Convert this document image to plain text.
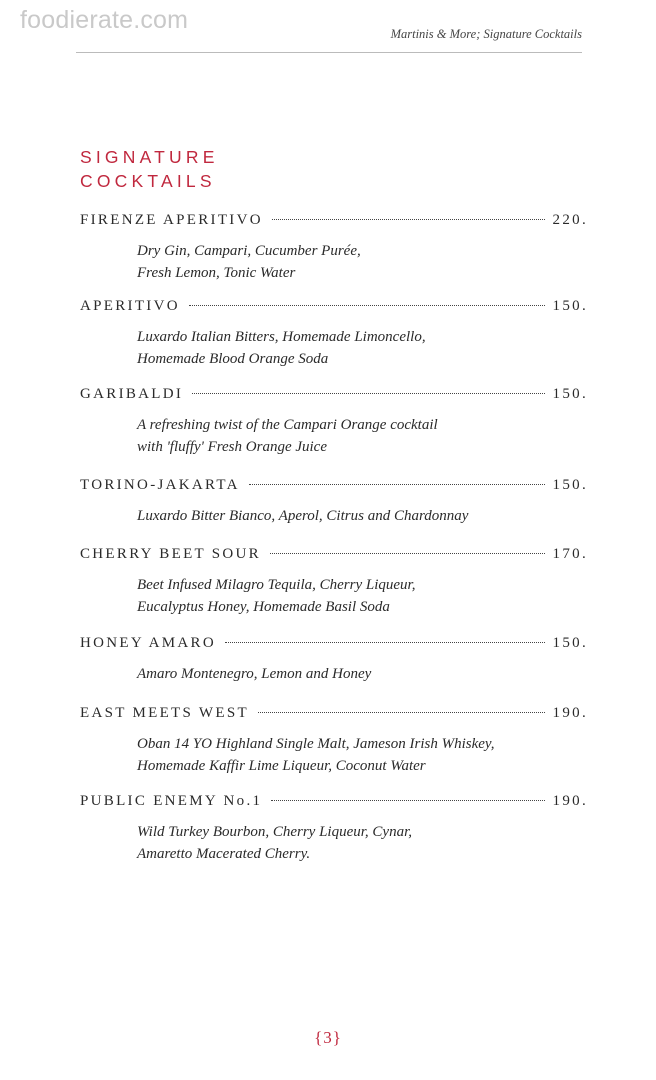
foodierate.com	Martinis & More; Signature Cocktails
SIGNATURE
COCKTAILS
FIRENZE APERITIVO	220.
Dry Gin, Campari, Cucumber Purée,
Fresh Lemon, Tonic Water
APERITIVO	150.
Luxardo Italian Bitters, Homemade Limoncello,
Homemade Blood Orange Soda
GARIBALDI	150.
A refreshing twist of the Campari Orange cocktail
with 'fluffy' Fresh Orange Juice
TORINO-JAKARTA	150.
Luxardo Bitter Bianco, Aperol, Citrus and Chardonnay
CHERRY BEET SOUR	170.
Beet Infused Milagro Tequila, Cherry Liqueur,
Eucalyptus Honey, Homemade Basil Soda
HONEY AMARO	150.
Amaro Montenegro, Lemon and Honey
EAST MEETS WEST	190.
Oban 14 YO Highland Single Malt, Jameson Irish Whiskey,
Homemade Kaffir Lime Liqueur, Coconut Water
PUBLIC ENEMY No.1	190.
Wild Turkey Bourbon, Cherry Liqueur, Cynar,
Amaretto Macerated Cherry.
{3}
